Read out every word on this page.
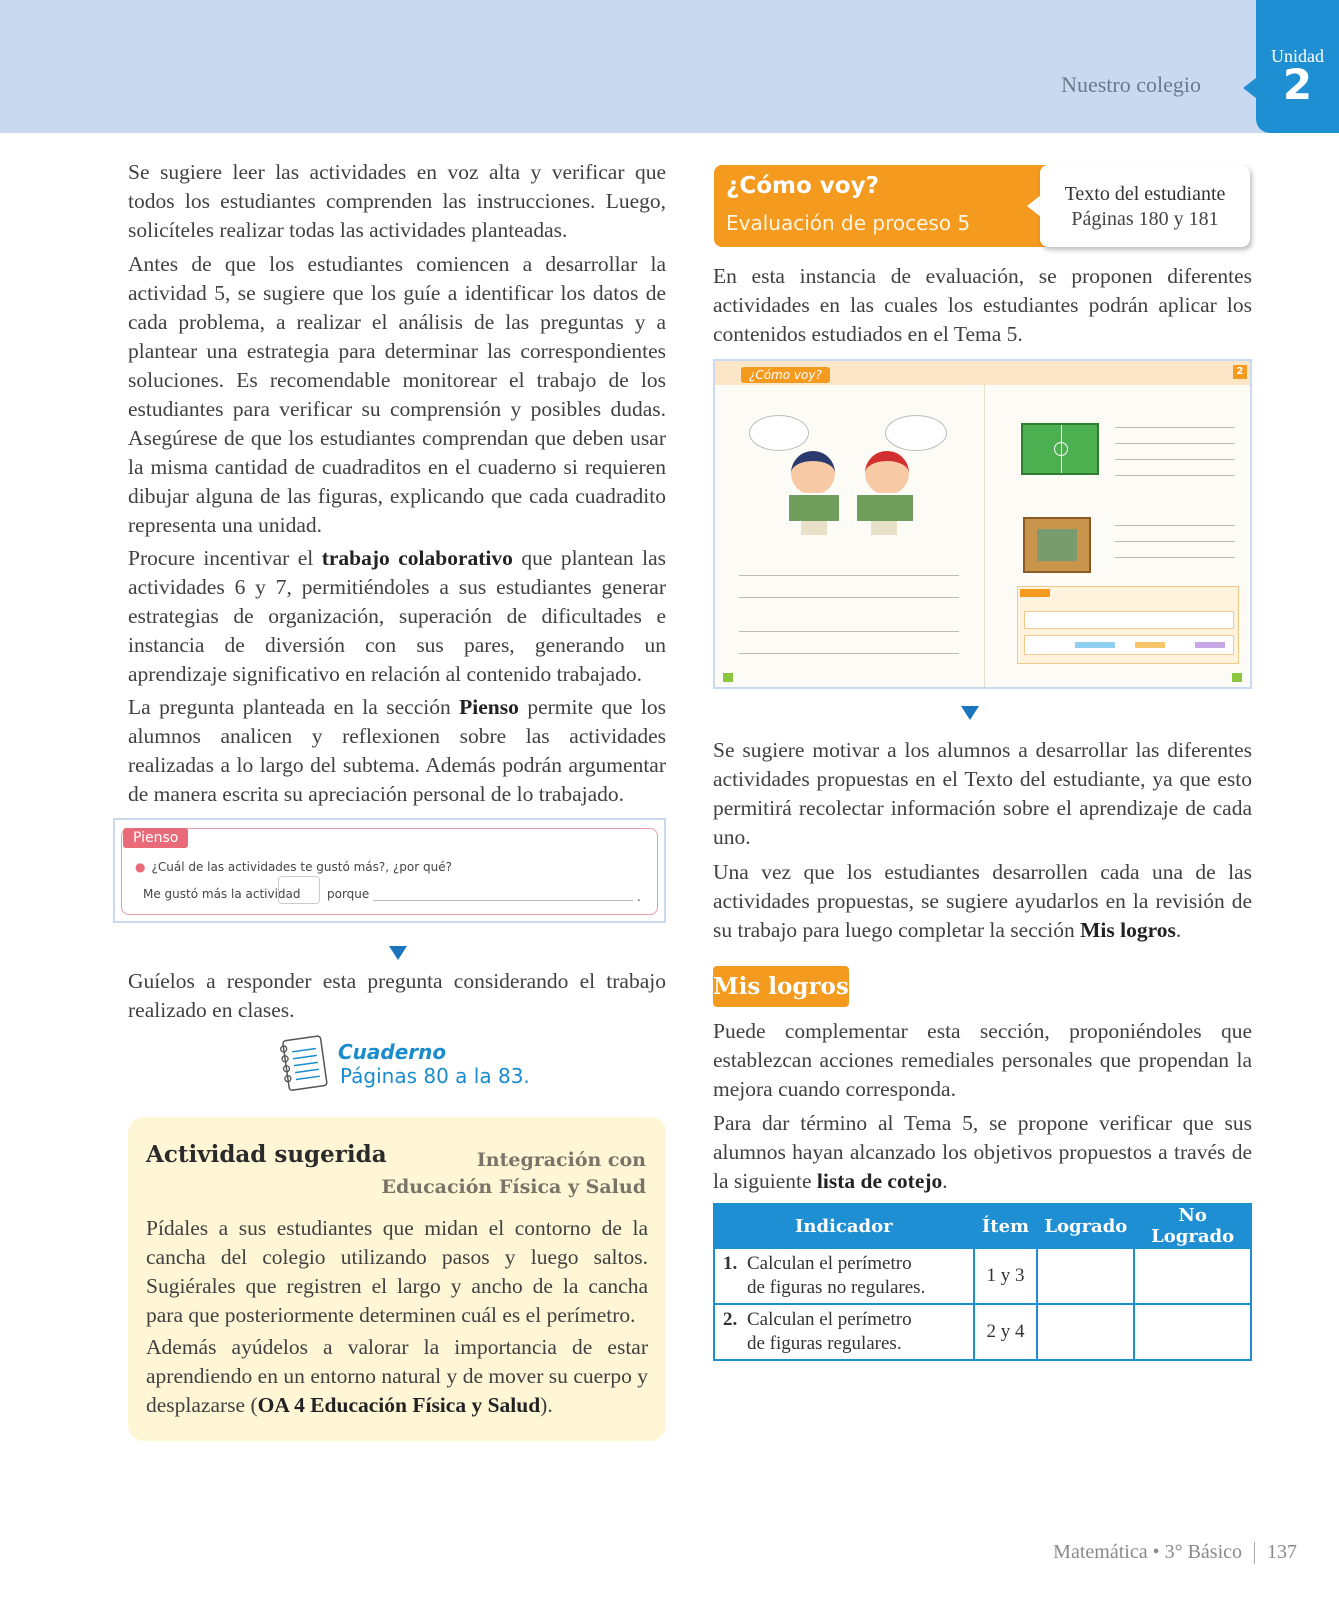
Nuestro colegio
Unidad
2
Se sugiere leer las actividades en voz alta y verificar que todos los estudiantes comprenden las instrucciones. Luego, solicíteles realizar todas las actividades planteadas.
Antes de que los estudiantes comiencen a desarrollar la actividad 5, se sugiere que los guíe a identificar los datos de cada problema, a realizar el análisis de las preguntas y a plantear una estrategia para determinar las correspondientes soluciones. Es recomendable monitorear el trabajo de los estudiantes para verificar su comprensión y posibles dudas. Asegúrese de que los estudiantes comprendan que deben usar la misma cantidad de cuadraditos en el cuaderno si requieren dibujar alguna de las figuras, explicando que cada cuadradito representa una unidad.
Procure incentivar el trabajo colaborativo que plantean las actividades 6 y 7, permitiéndoles a sus estudiantes generar estrategias de organización, superación de dificultades e instancia de diversión con sus pares, generando un aprendizaje significativo en relación al contenido trabajado.
La pregunta planteada en la sección Pienso permite que los alumnos analicen y reflexionen sobre las actividades realizadas a lo largo del subtema. Además podrán argumentar de manera escrita su apreciación personal de lo trabajado.
Pienso
● ¿Cuál de las actividades te gustó más?, ¿por qué?
Me gustó más la actividad porque	.
Guíelos a responder esta pregunta considerando el trabajo realizado en clases.
Cuaderno
Páginas 80 a la 83.
Actividad sugerida	Integración con
Educación Física y Salud
Pídales a sus estudiantes que midan el contorno de la cancha del colegio utilizando pasos y luego saltos. Sugiérales que registren el largo y ancho de la cancha para que posteriormente determinen cuál es el perímetro.
Además ayúdelos a valorar la importancia de estar aprendiendo en un entorno natural y de mover su cuerpo y desplazarse (OA 4 Educación Física y Salud).
¿Cómo voy?
Evaluación de proceso 5
Texto del estudiante
Páginas 180 y 181
En esta instancia de evaluación, se proponen diferentes actividades en las cuales los estudiantes podrán aplicar los contenidos estudiados en el Tema 5.
¿Cómo voy?	2
Se sugiere motivar a los alumnos a desarrollar las diferentes actividades propuestas en el Texto del estudiante, ya que esto permitirá recolectar información sobre el aprendizaje de cada uno.
Una vez que los estudiantes desarrollen cada una de las actividades propuestas, se sugiere ayudarlos en la revisión de su trabajo para luego completar la sección Mis logros.
Mis logros
Puede complementar esta sección, proponiéndoles que establezcan acciones remediales personales que propendan la mejora cuando corresponda.
Para dar término al Tema 5, se propone verificar que sus alumnos hayan alcanzado los objetivos propuestos a través de la siguiente lista de cotejo.
Indicador	Ítem	Logrado	No Logrado
1. Calculan el perímetro
de figuras no regulares.	1 y 3		
2. Calculan el perímetro
de figuras regulares.	2 y 4		
Matemática • 3° Básico 137
